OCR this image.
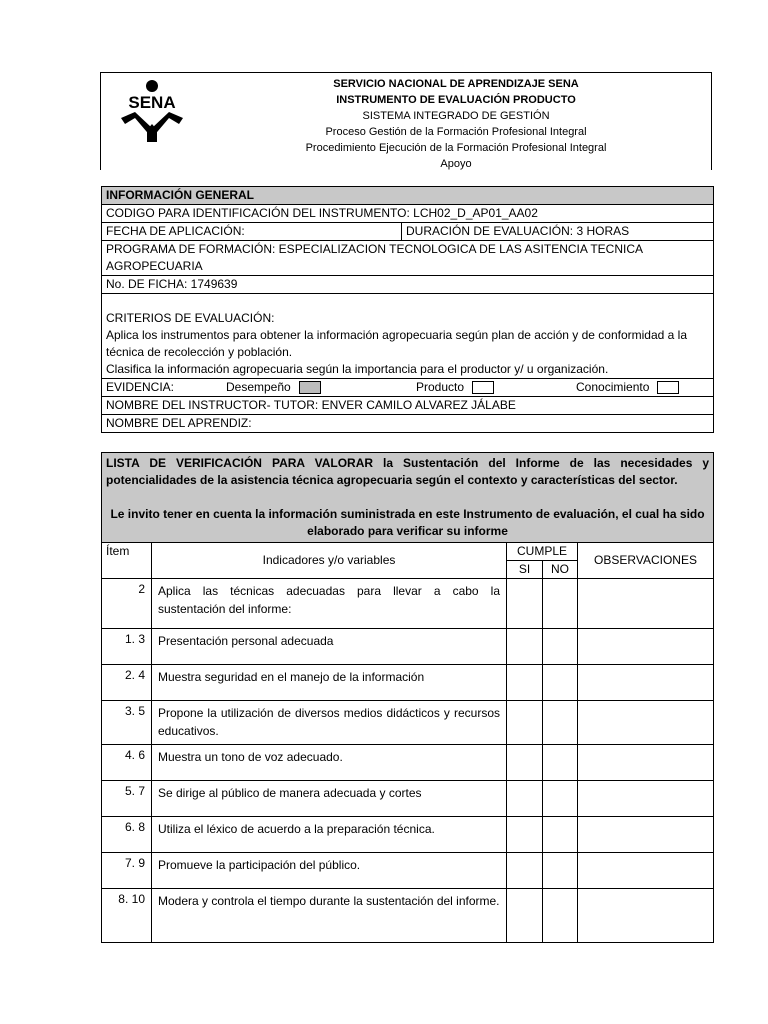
SENA
SERVICIO NACIONAL DE APRENDIZAJE SENA
INSTRUMENTO DE EVALUACIÓN PRODUCTO
SISTEMA INTEGRADO DE GESTIÓN
Proceso Gestión de la Formación Profesional Integral
Procedimiento Ejecución de la Formación Profesional Integral
Apoyo
INFORMACIÓN GENERAL
CODIGO PARA IDENTIFICACIÓN DEL INSTRUMENTO: LCH02_D_AP01_AA02
FECHA DE APLICACIÓN:	DURACIÓN DE EVALUACIÓN: 3 HORAS
PROGRAMA DE FORMACIÓN: ESPECIALIZACION TECNOLOGICA DE LAS ASITENCIA TECNICA AGROPECUARIA
No. DE FICHA: 1749639

CRITERIOS DE EVALUACIÓN:
Aplica los instrumentos para obtener la información agropecuaria según plan de acción y de conformidad a la técnica de recolección y población.
Clasifica la información agropecuaria según la importancia para el productor y/ u organización.

EVIDENCIA:	Desempeño	Producto	Conocimiento

NOMBRE DEL INSTRUCTOR- TUTOR: ENVER CAMILO ALVAREZ JÁLABE
NOMBRE DEL APRENDIZ:

LISTA DE VERIFICACIÓN PARA VALORAR la Sustentación del Informe de las necesidades y potencialidades de la asistencia técnica agropecuaria según el contexto y características del sector.

Le invito tener en cuenta la información suministrada en este Instrumento de evaluación, el cual ha sido elaborado para verificar su informe				

Ítem	Indicadores y/o variables	CUMPLE		OBSERVACIONES
		SI	NO	
2	Aplica las técnicas adecuadas para llevar a cabo la sustentación del informe:			
1. 3	Presentación personal adecuada			
2. 4	Muestra seguridad en el manejo de la información			
3. 5	Propone la utilización de diversos medios didácticos y recursos educativos.			
4. 6	Muestra un tono de voz adecuado.			
5. 7	Se dirige al público de manera adecuada y cortes			
6. 8	Utiliza el léxico de acuerdo a la preparación técnica.			
7. 9	Promueve la participación del público.			
8. 10	Modera y controla el tiempo durante la sustentación del informe.			
